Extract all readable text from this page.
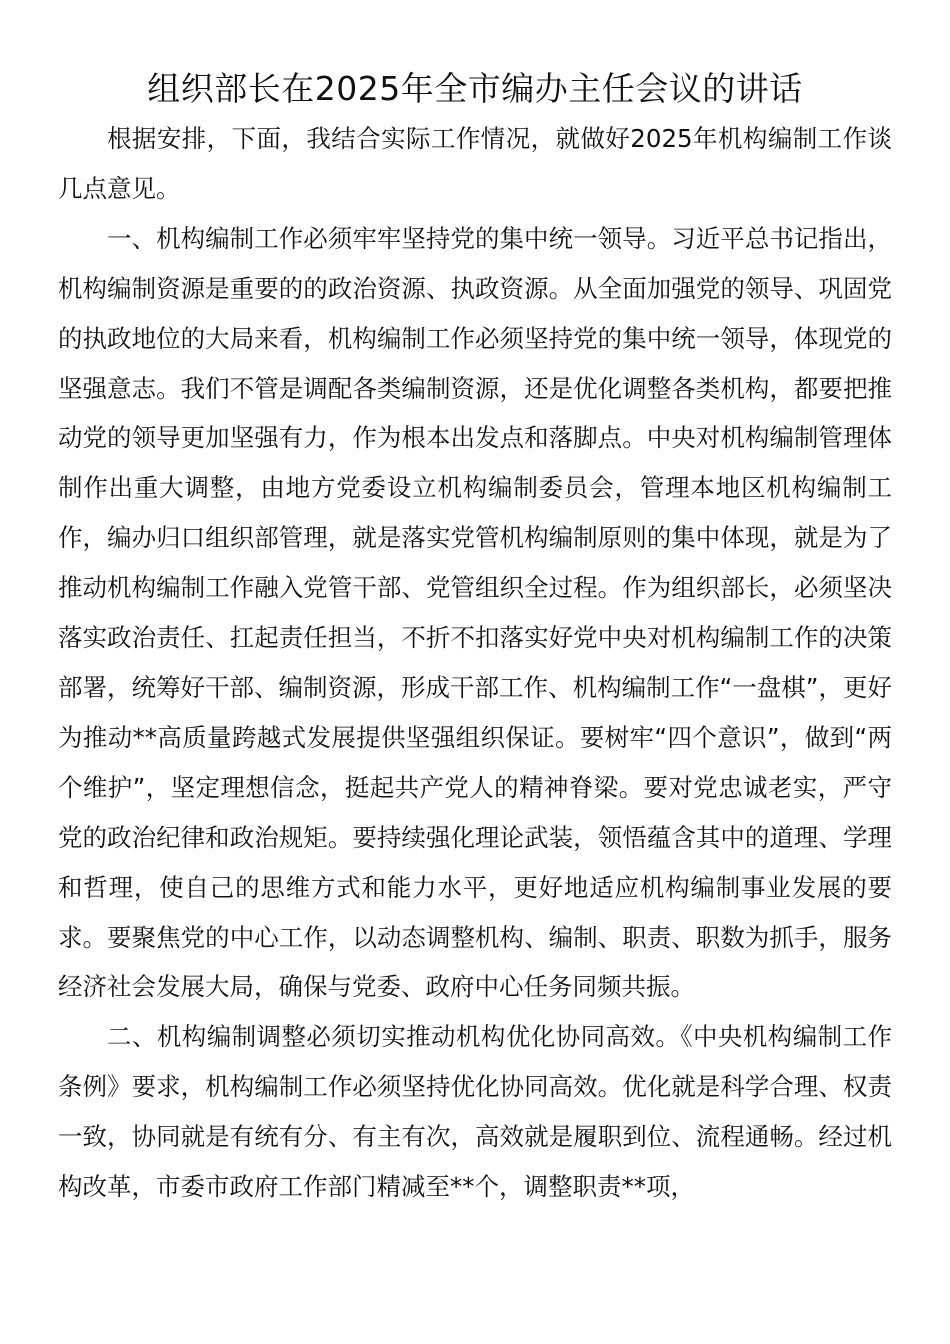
组织部长在2025年全市编办主任会议的讲话

根据安排，下面，我结合实际工作情况，就做好2025年机构编制工作谈几点意见。

一、机构编制工作必须牢牢坚持党的集中统一领导。习近平总书记指出，机构编制资源是重要的的政治资源、执政资源。从全面加强党的领导、巩固党的执政地位的大局来看，机构编制工作必须坚持党的集中统一领导，体现党的坚强意志。我们不管是调配各类编制资源，还是优化调整各类机构，都要把推动党的领导更加坚强有力，作为根本出发点和落脚点。中央对机构编制管理体制作出重大调整，由地方党委设立机构编制委员会，管理本地区机构编制工作，编办归口组织部管理，就是落实党管机构编制原则的集中体现，就是为了推动机构编制工作融入党管干部、党管组织全过程。作为组织部长，必须坚决落实政治责任、扛起责任担当，不折不扣落实好党中央对机构编制工作的决策部署，统筹好干部、编制资源，形成干部工作、机构编制工作“一盘棋”，更好为推动**高质量跨越式发展提供坚强组织保证。要树牢“四个意识”，做到“两个维护”，坚定理想信念，挺起共产党人的精神脊梁。要对党忠诚老实，严守党的政治纪律和政治规矩。要持续强化理论武装，领悟蕴含其中的道理、学理和哲理，使自己的思维方式和能力水平，更好地适应机构编制事业发展的要求。要聚焦党的中心工作，以动态调整机构、编制、职责、职数为抓手，服务经济社会发展大局，确保与党委、政府中心任务同频共振。

二、机构编制调整必须切实推动机构优化协同高效。《中央机构编制工作条例》要求，机构编制工作必须坚持优化协同高效。优化就是科学合理、权责一致，协同就是有统有分、有主有次，高效就是履职到位、流程通畅。经过机构改革，市委市政府工作部门精减至**个，调整职责**项，
